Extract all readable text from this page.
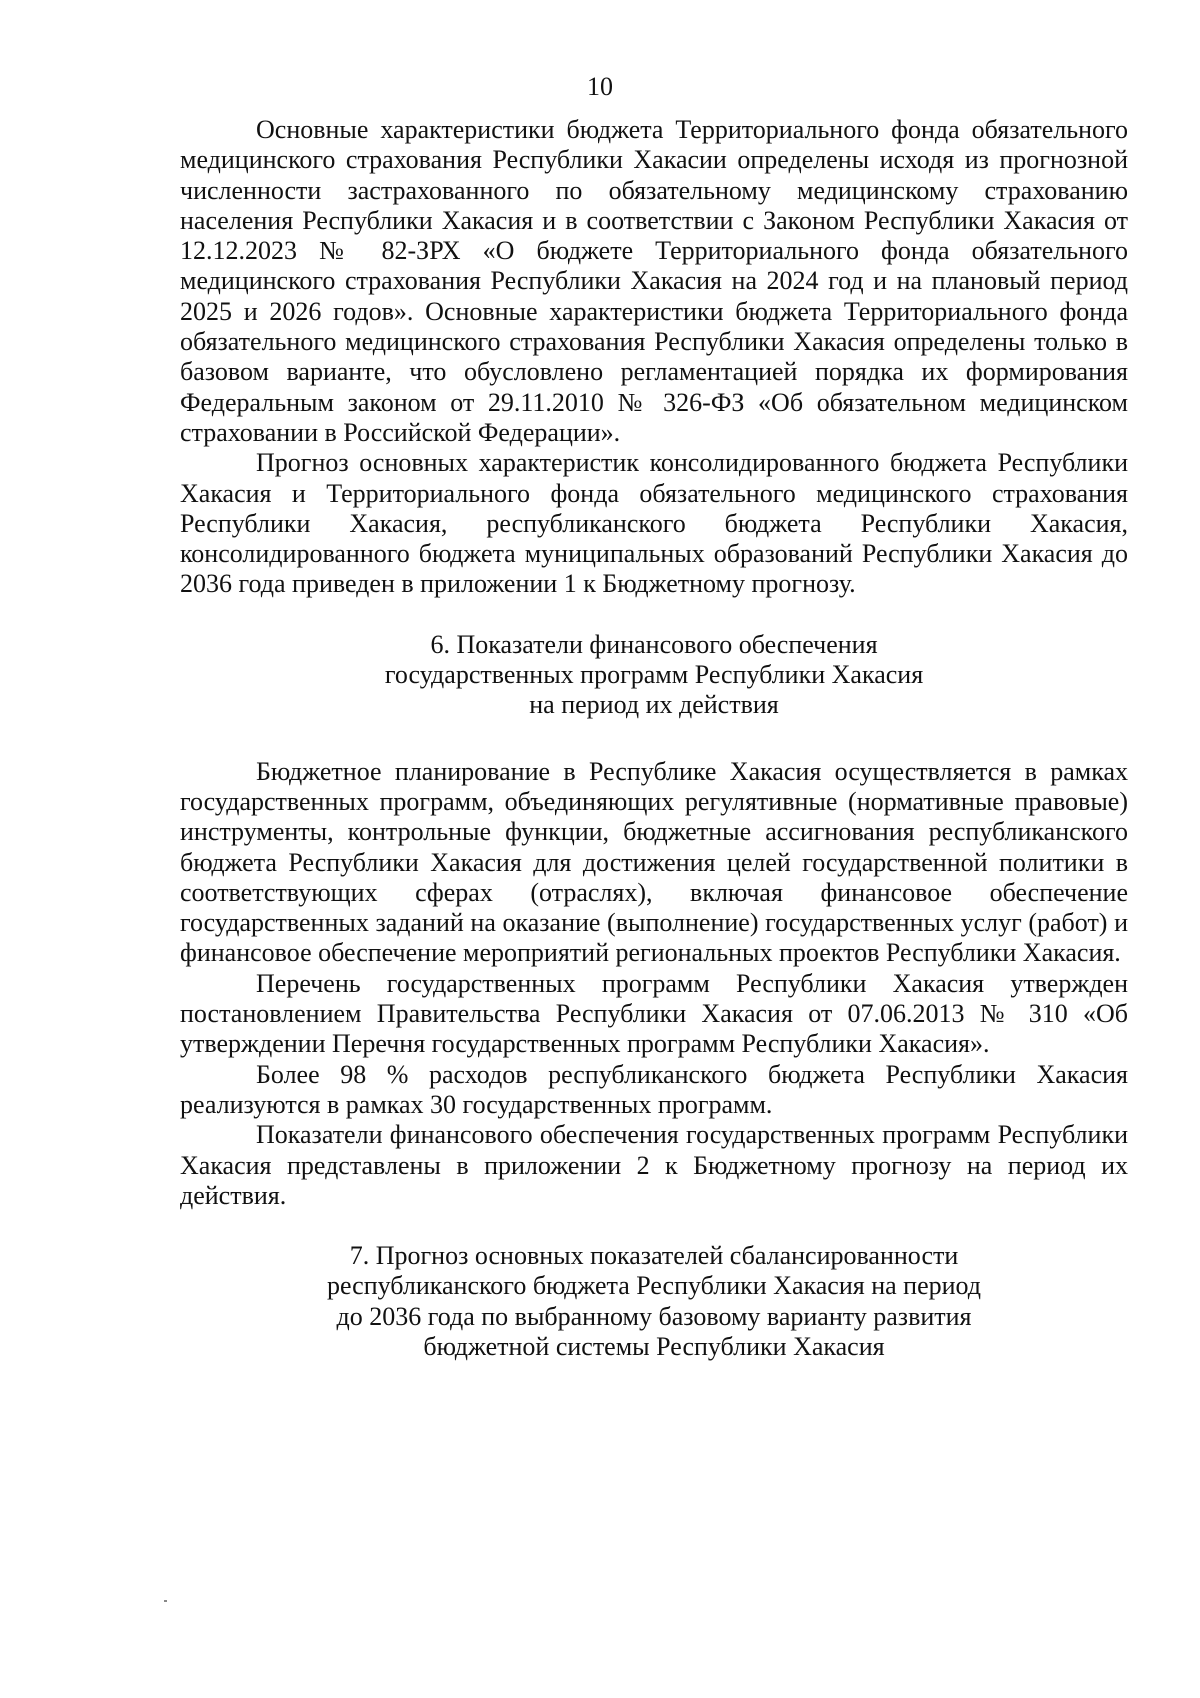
10

Основные характеристики бюджета Территориального фонда обязательного медицинского страхования Республики Хакасии определены исходя из прогнозной численности застрахованного по обязательному медицинскому страхованию населения Республики Хакасия и в соответствии с Законом Республики Хакасия от 12.12.2023 № 82-ЗРХ «О бюджете Территориального фонда обязательного медицинского страхования Республики Хакасия на 2024 год и на плановый период 2025 и 2026 годов». Основные характеристики бюджета Территориального фонда обязательного медицинского страхования Республики Хакасия определены только в базовом варианте, что обусловлено регламентацией порядка их формирования Федеральным законом от 29.11.2010 № 326-ФЗ «Об обязательном медицинском страховании в Российской Федерации».

Прогноз основных характеристик консолидированного бюджета Республики Хакасия и Территориального фонда обязательного медицинского страхования Республики Хакасия, республиканского бюджета Республики Хакасия, консолидированного бюджета муниципальных образований Республики Хакасия до 2036 года приведен в приложении 1 к Бюджетному прогнозу.

6. Показатели финансового обеспечения
государственных программ Республики Хакасия
на период их действия

Бюджетное планирование в Республике Хакасия осуществляется в рамках государственных программ, объединяющих регулятивные (нормативные правовые) инструменты, контрольные функции, бюджетные ассигнования республиканского бюджета Республики Хакасия для достижения целей государственной политики в соответствующих сферах (отраслях), включая финансовое обеспечение государственных заданий на оказание (выполнение) государственных услуг (работ) и финансовое обеспечение мероприятий региональных проектов Республики Хакасия.

Перечень государственных программ Республики Хакасия утвержден постановлением Правительства Республики Хакасия от 07.06.2013 № 310 «Об утверждении Перечня государственных программ Республики Хакасия».

Более 98 % расходов республиканского бюджета Республики Хакасия реализуются в рамках 30 государственных программ.

Показатели финансового обеспечения государственных программ Республики Хакасия представлены в приложении 2 к Бюджетному прогнозу на период их действия.

7. Прогноз основных показателей сбалансированности
республиканского бюджета Республики Хакасия на период
до 2036 года по выбранному базовому варианту развития
бюджетной системы Республики Хакасия
